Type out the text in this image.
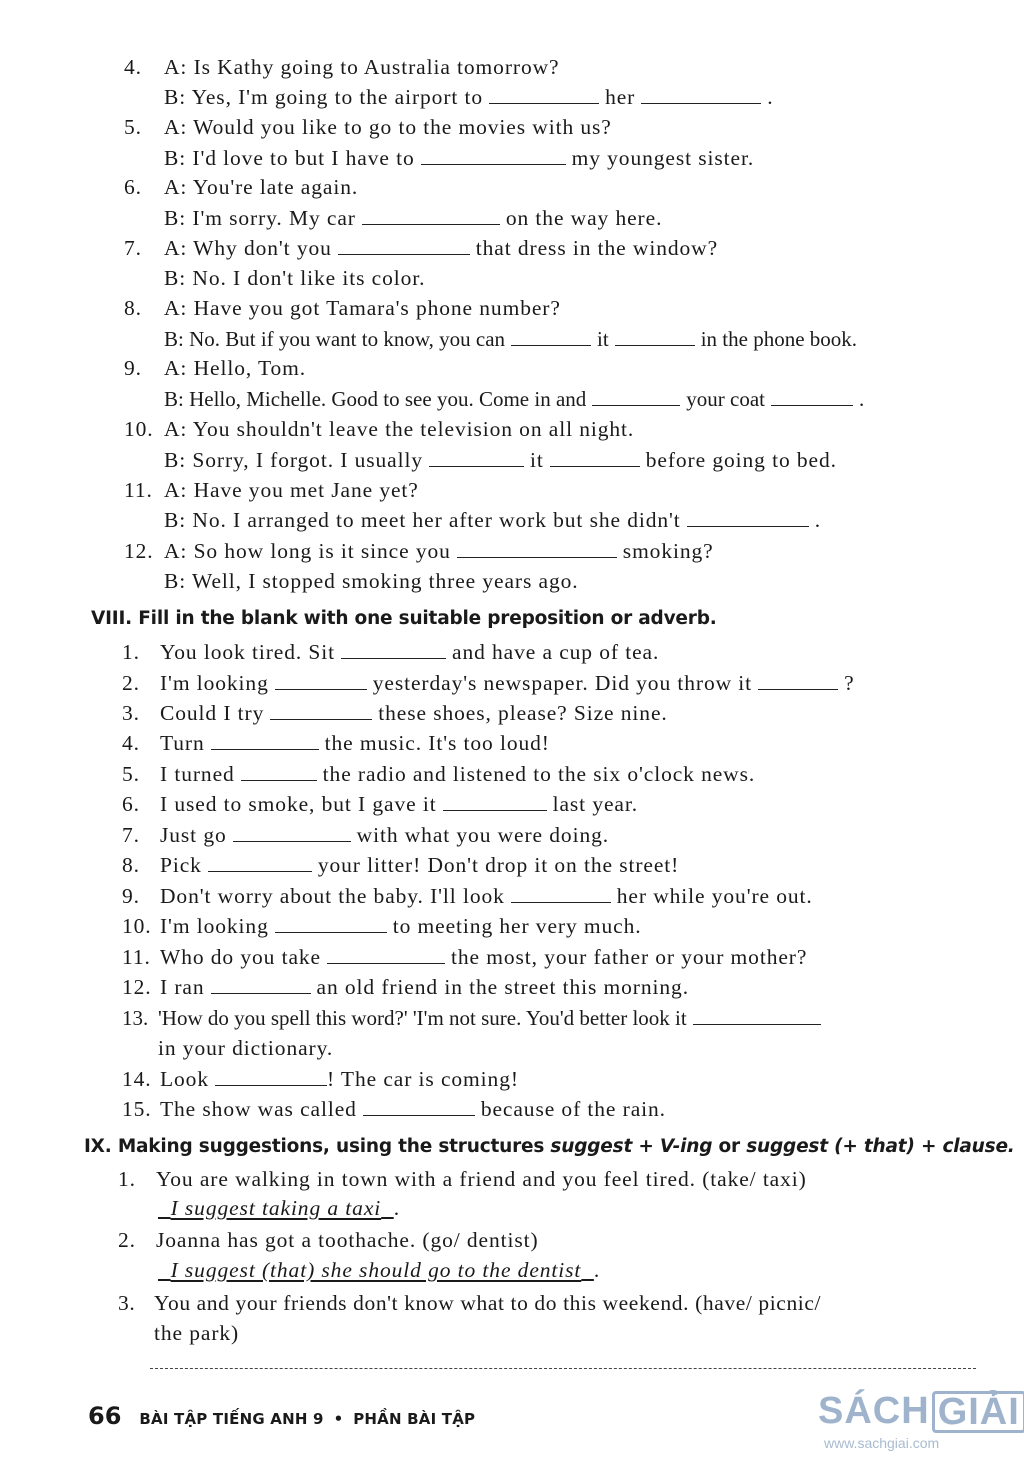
4. A: Is Kathy going to Australia tomorrow?
B: Yes, I'm going to the airport to	her	.
5. A: Would you like to go to the movies with us?
B: I'd love to but I have to	my youngest sister.
6. A: You're late again.
B: I'm sorry. My car	on the way here.
7. A: Why don't you	that dress in the window?
B: No. I don't like its color.
8. A: Have you got Tamara's phone number?
B: No. But if you want to know, you can	it	in the phone book.
9. A: Hello, Tom.
B: Hello, Michelle. Good to see you. Come in and	your coat	.
10. A: You shouldn't leave the television on all night.
B: Sorry, I forgot. I usually	it	before going to bed.
11. A: Have you met Jane yet?
B: No. I arranged to meet her after work but she didn't	.
12. A: So how long is it since you	smoking?
B: Well, I stopped smoking three years ago.
VIII. Fill in the blank with one suitable preposition or adverb.
1. You look tired. Sit	and have a cup of tea.
2. I'm looking	yesterday's newspaper. Did you throw it	?
3. Could I try	these shoes, please? Size nine.
4. Turn	the music. It's too loud!
5. I turned	the radio and listened to the six o'clock news.
6. I used to smoke, but I gave it	last year.
7. Just go	with what you were doing.
8. Pick	your litter! Don't drop it on the street!
9. Don't worry about the baby. I'll look	her while you're out.
10. I'm looking	to meeting her very much.
11. Who do you take	the most, your father or your mother?
12. I ran	an old friend in the street this morning.
13. 'How do you spell this word?' 'I'm not sure. You'd better look it
in your dictionary.
14. Look	! The car is coming!
15. The show was called	because of the rain.
IX. Making suggestions, using the structures suggest + V-ing or suggest (+ that) + clause.
1. You are walking in town with a friend and you feel tired. (take/ taxi)
I suggest taking a taxi .
2. Joanna has got a toothache. (go/ dentist)
I suggest (that) she should go to the dentist .
3. You and your friends don't know what to do this weekend. (have/ picnic/
the park)
66 BÀI TẬP TIẾNG ANH 9 • PHẦN BÀI TẬP	SÁCH GIẢI
www.sachgiai.com
